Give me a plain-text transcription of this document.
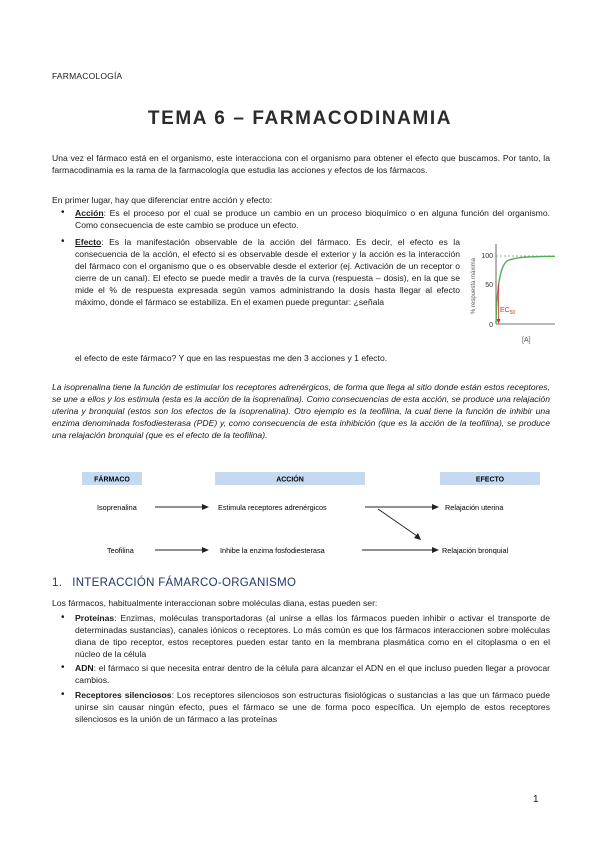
FARMACOLOGÍA
TEMA 6 – FARMACODINAMIA
Una vez el fármaco está en el organismo, este interacciona con el organismo para obtener el efecto que buscamos. Por tanto, la farmacodinamia es la rama de la farmacología que estudia las acciones y efectos de los fármacos.
En primer lugar, hay que diferenciar entre acción y efecto:
• Acción: Es el proceso por el cual se produce un cambio en un proceso bioquímico o en alguna función del organismo. Como consecuencia de este cambio se produce un efecto.
• Efecto: Es la manifestación observable de la acción del fármaco. Es decir, el efecto es la consecuencia de la acción, el efecto si es observable desde el exterior y la acción es la interacción del fármaco con el organismo que o es observable desde el exterior (ej. Activación de un receptor o cierre de un canal). El efecto se puede medir a través de la curva (respuesta – dosis), en la que se mide el % de respuesta expresada según vamos administrando la dosis hasta llegar al efecto máximo, donde el fármaco se estabiliza. En el examen puede preguntar: ¿señala
el efecto de este fármaco? Y que en las respuestas me den 3 acciones y 1 efecto.
% respuesta máxima
100
50
0
$EC_{50}$
[A]
La isoprenalina tiene la función de estimular los receptores adrenérgicos, de forma que llega al sitio donde están estos receptores, se une a ellos y los estimula (esta es la acción de la isoprenalina). Como consecuencias de esta acción, se produce una relajación uterina y bronquial (estos son los efectos de la isoprenalina). Otro ejemplo es la teofilina, la cual tiene la función de inhibir una enzima denominada fosfodiesterasa (PDE) y, como consecuencia de esta inhibición (que es la acción de la teofilina), se produce una relajación bronquial (que es el efecto de la teofilina).
FÁRMACO	ACCIÓN	EFECTO
Isoprenalina	Estimula receptores adrenérgicos	Relajación uterina
Teofilina	Inhibe la enzima fosfodiesterasa	Relajación bronquial
1. INTERACCIÓN FÁMARCO-ORGANISMO
Los fármacos, habitualmente interaccionan sobre moléculas diana, estas pueden ser:
• Proteínas: Enzimas, moléculas transportadoras (al unirse a ellas los fármacos pueden inhibir o activar el transporte de determinadas sustancias), canales iónicos o receptores. Lo más común es que los fármacos interaccionen sobre moléculas diana de tipo receptor, estos receptores pueden estar tanto en la membrana plasmática como en el citoplasma o en el núcleo de la célula
• ADN: el fármaco si que necesita entrar dentro de la célula para alcanzar el ADN en el que incluso pueden llegar a provocar cambios.
• Receptores silenciosos: Los receptores silenciosos son estructuras fisiológicas o sustancias a las que un fármaco puede unirse sin causar ningún efecto, pues el fármaco se une de forma poco específica. Un ejemplo de estos receptores silenciosos es la unión de un fármaco a las proteínas
1
